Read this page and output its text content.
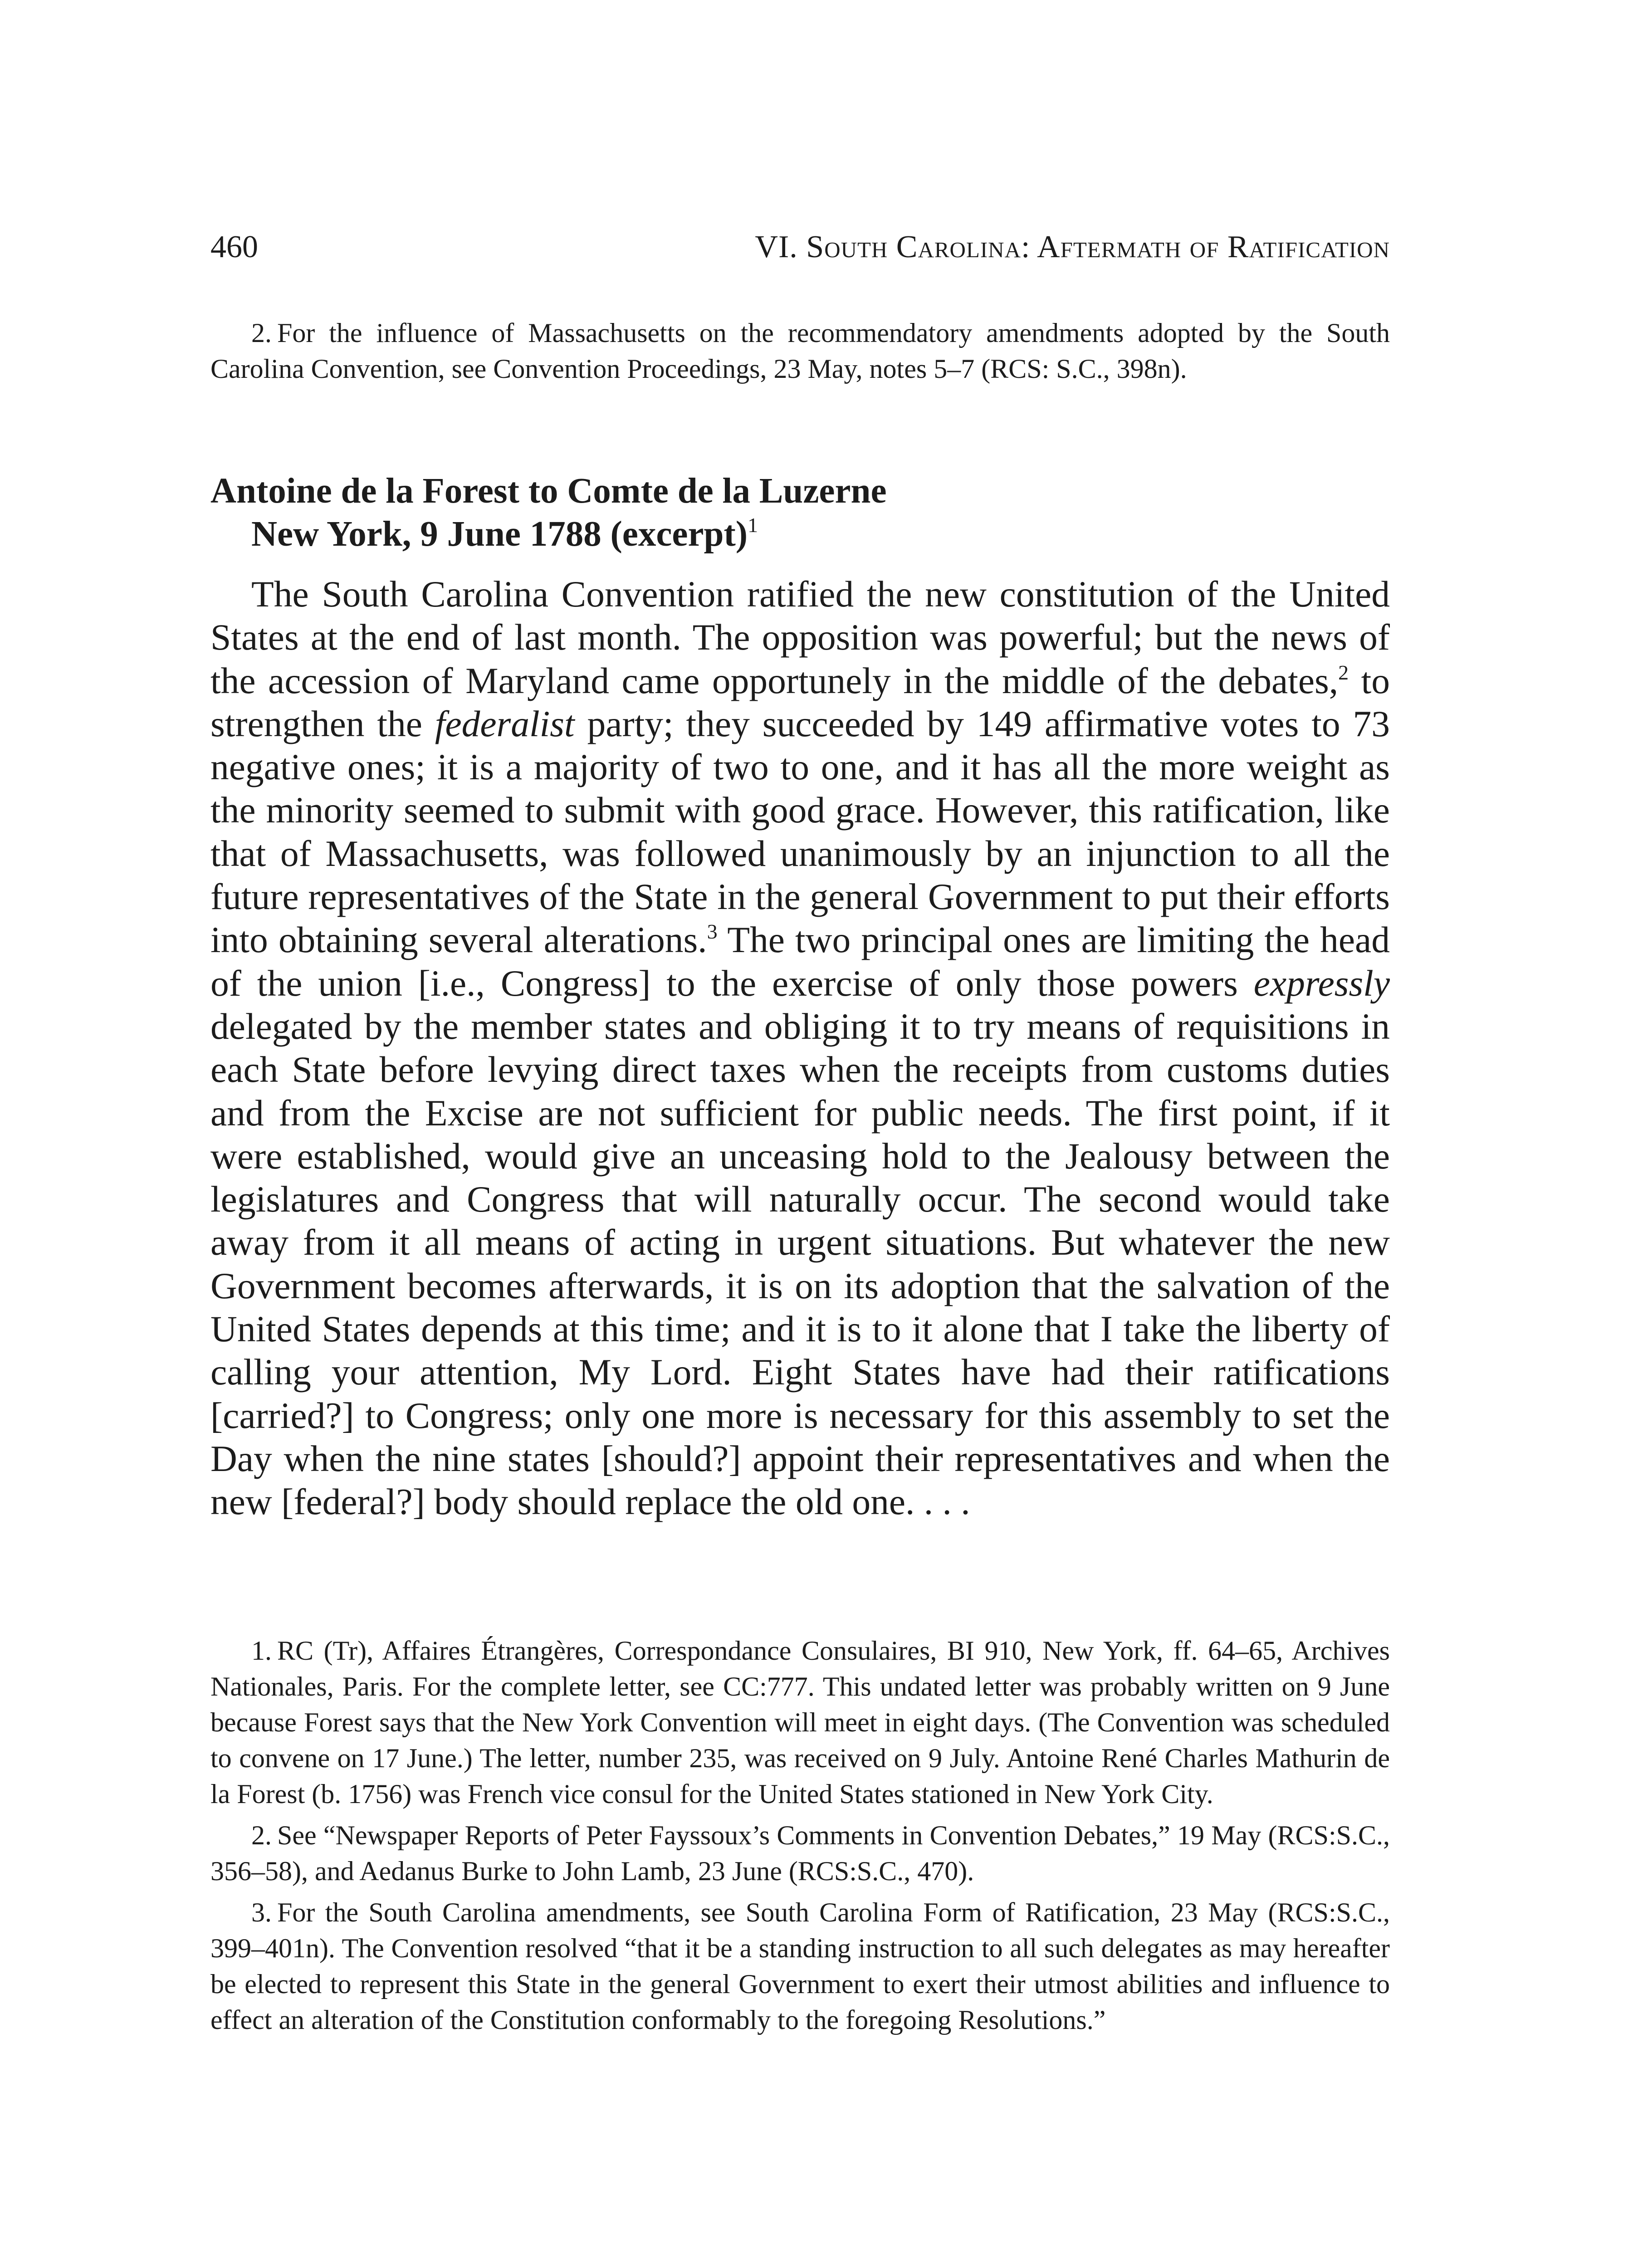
460	VI. South Carolina: Aftermath of Ratification

2. For the influence of Massachusetts on the recommendatory amendments adopted by the South Carolina Convention, see Convention Proceedings, 23 May, notes 5–7 (RCS: S.C., 398n).

Antoine de la Forest to Comte de la Luzerne
New York, 9 June 1788 (excerpt)$^1$

The South Carolina Convention ratified the new constitution of the United States at the end of last month. The opposition was powerful; but the news of the accession of Maryland came opportunely in the middle of the debates,$^2$ to strengthen the federalist party; they succeeded by 149 affirmative votes to 73 negative ones; it is a majority of two to one, and it has all the more weight as the minority seemed to submit with good grace. However, this ratification, like that of Massachusetts, was followed unanimously by an injunction to all the future representatives of the State in the general Government to put their efforts into obtaining several alterations.$^3$ The two principal ones are limiting the head of the union [i.e., Congress] to the exercise of only those powers expressly delegated by the member states and obliging it to try means of requisitions in each State before levying direct taxes when the receipts from customs duties and from the Excise are not sufficient for public needs. The first point, if it were established, would give an unceasing hold to the Jealousy between the legislatures and Congress that will naturally occur. The second would take away from it all means of acting in urgent situations. But whatever the new Government becomes afterwards, it is on its adoption that the salvation of the United States depends at this time; and it is to it alone that I take the liberty of calling your attention, My Lord. Eight States have had their ratifications [carried?] to Congress; only one more is necessary for this assembly to set the Day when the nine states [should?] appoint their representatives and when the new [federal?] body should replace the old one. . . .

1. RC (Tr), Affaires Étrangères, Correspondance Consulaires, BI 910, New York, ff. 64–65, Archives Nationales, Paris. For the complete letter, see CC:777. This undated letter was probably written on 9 June because Forest says that the New York Convention will meet in eight days. (The Convention was scheduled to convene on 17 June.) The letter, number 235, was received on 9 July. Antoine René Charles Mathurin de la Forest (b. 1756) was French vice consul for the United States stationed in New York City.

2. See “Newspaper Reports of Peter Fayssoux’s Comments in Convention Debates,” 19 May (RCS:S.C., 356–58), and Aedanus Burke to John Lamb, 23 June (RCS:S.C., 470).

3. For the South Carolina amendments, see South Carolina Form of Ratification, 23 May (RCS:S.C., 399–401n). The Convention resolved “that it be a standing instruction to all such delegates as may hereafter be elected to represent this State in the general Government to exert their utmost abilities and influence to effect an alteration of the Constitution conformably to the foregoing Resolutions.”
